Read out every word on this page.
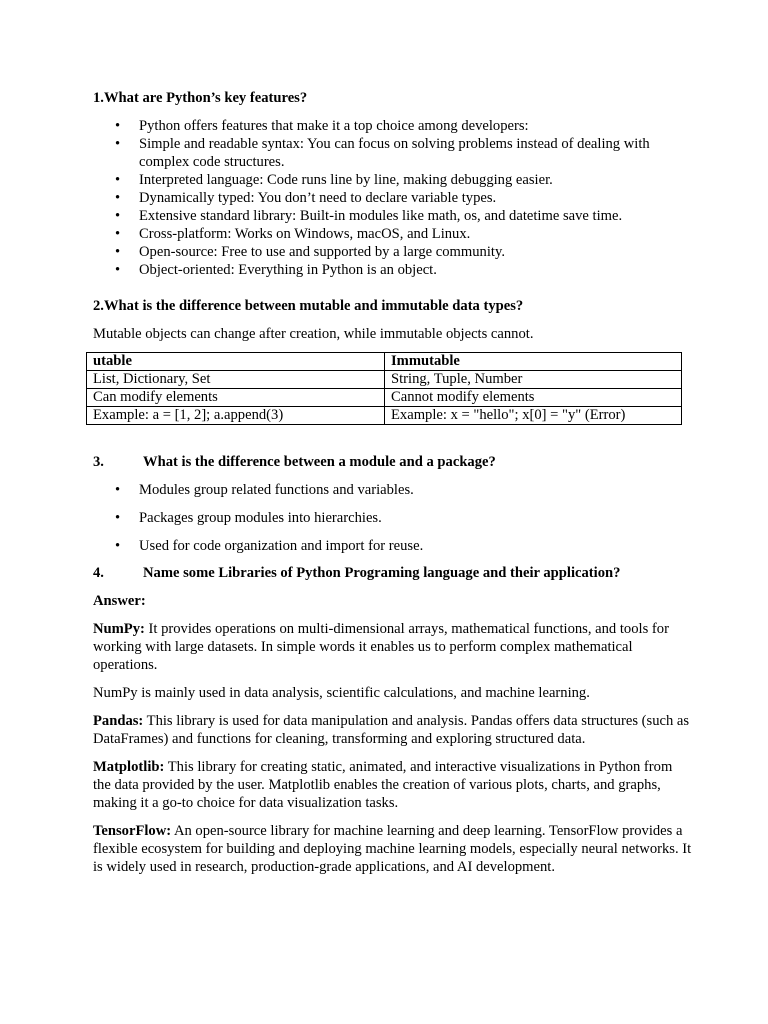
1.What are Python’s key features?
• Python offers features that make it a top choice among developers:
• Simple and readable syntax: You can focus on solving problems instead of dealing with complex code structures.
• Interpreted language: Code runs line by line, making debugging easier.
• Dynamically typed: You don’t need to declare variable types.
• Extensive standard library: Built-in modules like math, os, and datetime save time.
• Cross-platform: Works on Windows, macOS, and Linux.
• Open-source: Free to use and supported by a large community.
• Object-oriented: Everything in Python is an object.
2.What is the difference between mutable and immutable data types?

Mutable objects can change after creation, while immutable objects cannot.

utable	Immutable
List, Dictionary, Set	String, Tuple, Number
Can modify elements	Cannot modify elements
Example: a = [1, 2]; a.append(3)	Example: x = "hello"; x[0] = "y" (Error)
3.	What is the difference between a module and a package?
• Modules group related functions and variables.
• Packages group modules into hierarchies.
• Used for code organization and import for reuse.
4.	Name some Libraries of Python Programing language and their application?

Answer:

NumPy: It provides operations on multi-dimensional arrays, mathematical functions, and tools for working with large datasets. In simple words it enables us to perform complex mathematical operations.

NumPy is mainly used in data analysis, scientific calculations, and machine learning.

Pandas: This library is used for data manipulation and analysis. Pandas offers data structures (such as DataFrames) and functions for cleaning, transforming and exploring structured data.

Matplotlib: This library for creating static, animated, and interactive visualizations in Python from the data provided by the user. Matplotlib enables the creation of various plots, charts, and graphs, making it a go-to choice for data visualization tasks.

TensorFlow: An open-source library for machine learning and deep learning. TensorFlow provides a flexible ecosystem for building and deploying machine learning models, especially neural networks. It is widely used in research, production-grade applications, and AI development.
